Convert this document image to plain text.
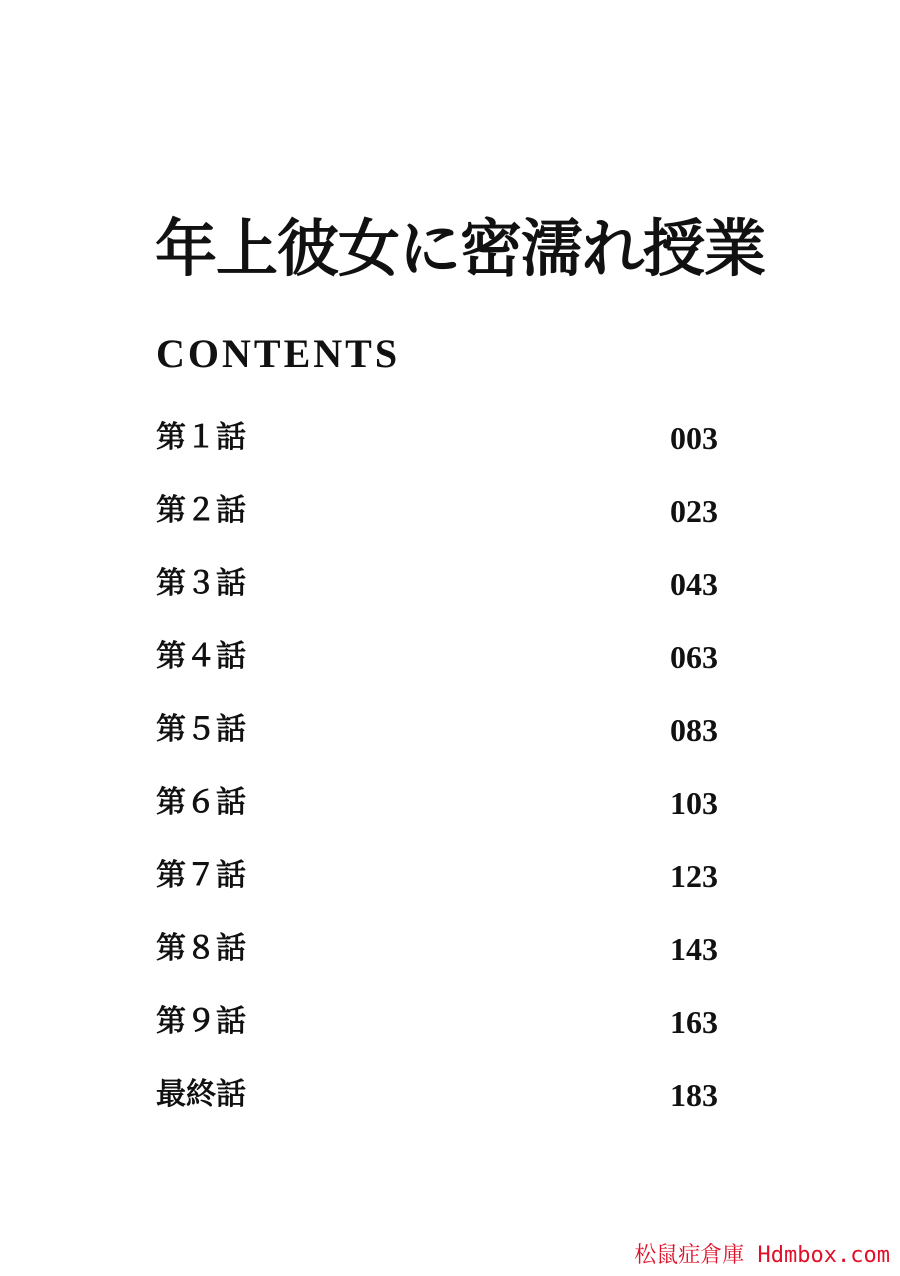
年上彼女に密濡れ授業
CONTENTS
第１話	003
第２話	023
第３話	043
第４話	063
第５話	083
第６話	103
第７話	123
第８話	143
第９話	163
最終話	183
松鼠症倉庫 Hdmbox.com
